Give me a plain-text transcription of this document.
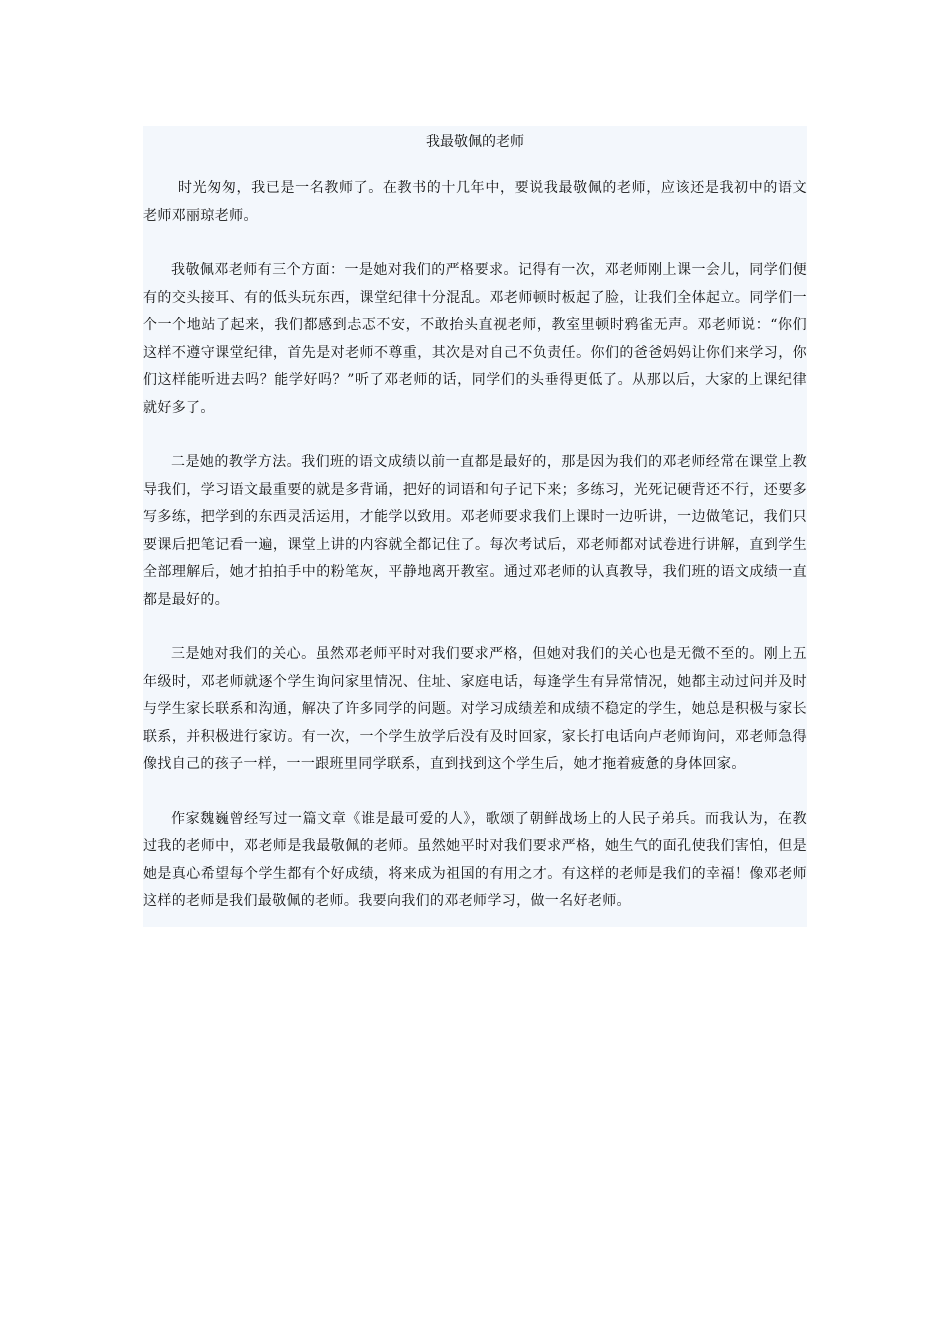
我最敬佩的老师

时光匆匆，我已是一名教师了。在教书的十几年中，要说我最敬佩的老师，应该还是我初中的语文老师邓丽琼老师。

我敬佩邓老师有三个方面：一是她对我们的严格要求。记得有一次，邓老师刚上课一会儿，同学们便有的交头接耳、有的低头玩东西，课堂纪律十分混乱。邓老师顿时板起了脸，让我们全体起立。同学们一个一个地站了起来，我们都感到忐忑不安，不敢抬头直视老师，教室里顿时鸦雀无声。邓老师说：“你们这样不遵守课堂纪律，首先是对老师不尊重，其次是对自己不负责任。你们的爸爸妈妈让你们来学习，你们这样能听进去吗？能学好吗？”听了邓老师的话，同学们的头垂得更低了。从那以后，大家的上课纪律就好多了。

二是她的教学方法。我们班的语文成绩以前一直都是最好的，那是因为我们的邓老师经常在课堂上教导我们，学习语文最重要的就是多背诵，把好的词语和句子记下来；多练习，光死记硬背还不行，还要多写多练，把学到的东西灵活运用，才能学以致用。邓老师要求我们上课时一边听讲，一边做笔记，我们只要课后把笔记看一遍，课堂上讲的内容就全都记住了。每次考试后，邓老师都对试卷进行讲解，直到学生全部理解后，她才拍拍手中的粉笔灰，平静地离开教室。通过邓老师的认真教导，我们班的语文成绩一直都是最好的。

三是她对我们的关心。虽然邓老师平时对我们要求严格，但她对我们的关心也是无微不至的。刚上五年级时，邓老师就逐个学生询问家里情况、住址、家庭电话，每逢学生有异常情况，她都主动过问并及时与学生家长联系和沟通，解决了许多同学的问题。对学习成绩差和成绩不稳定的学生，她总是积极与家长联系，并积极进行家访。有一次，一个学生放学后没有及时回家，家长打电话向卢老师询问，邓老师急得像找自己的孩子一样，一一跟班里同学联系，直到找到这个学生后，她才拖着疲惫的身体回家。

作家魏巍曾经写过一篇文章《谁是最可爱的人》，歌颂了朝鲜战场上的人民子弟兵。而我认为，在教过我的老师中，邓老师是我最敬佩的老师。虽然她平时对我们要求严格，她生气的面孔使我们害怕，但是她是真心希望每个学生都有个好成绩，将来成为祖国的有用之才。有这样的老师是我们的幸福！像邓老师这样的老师是我们最敬佩的老师。我要向我们的邓老师学习，做一名好老师。
